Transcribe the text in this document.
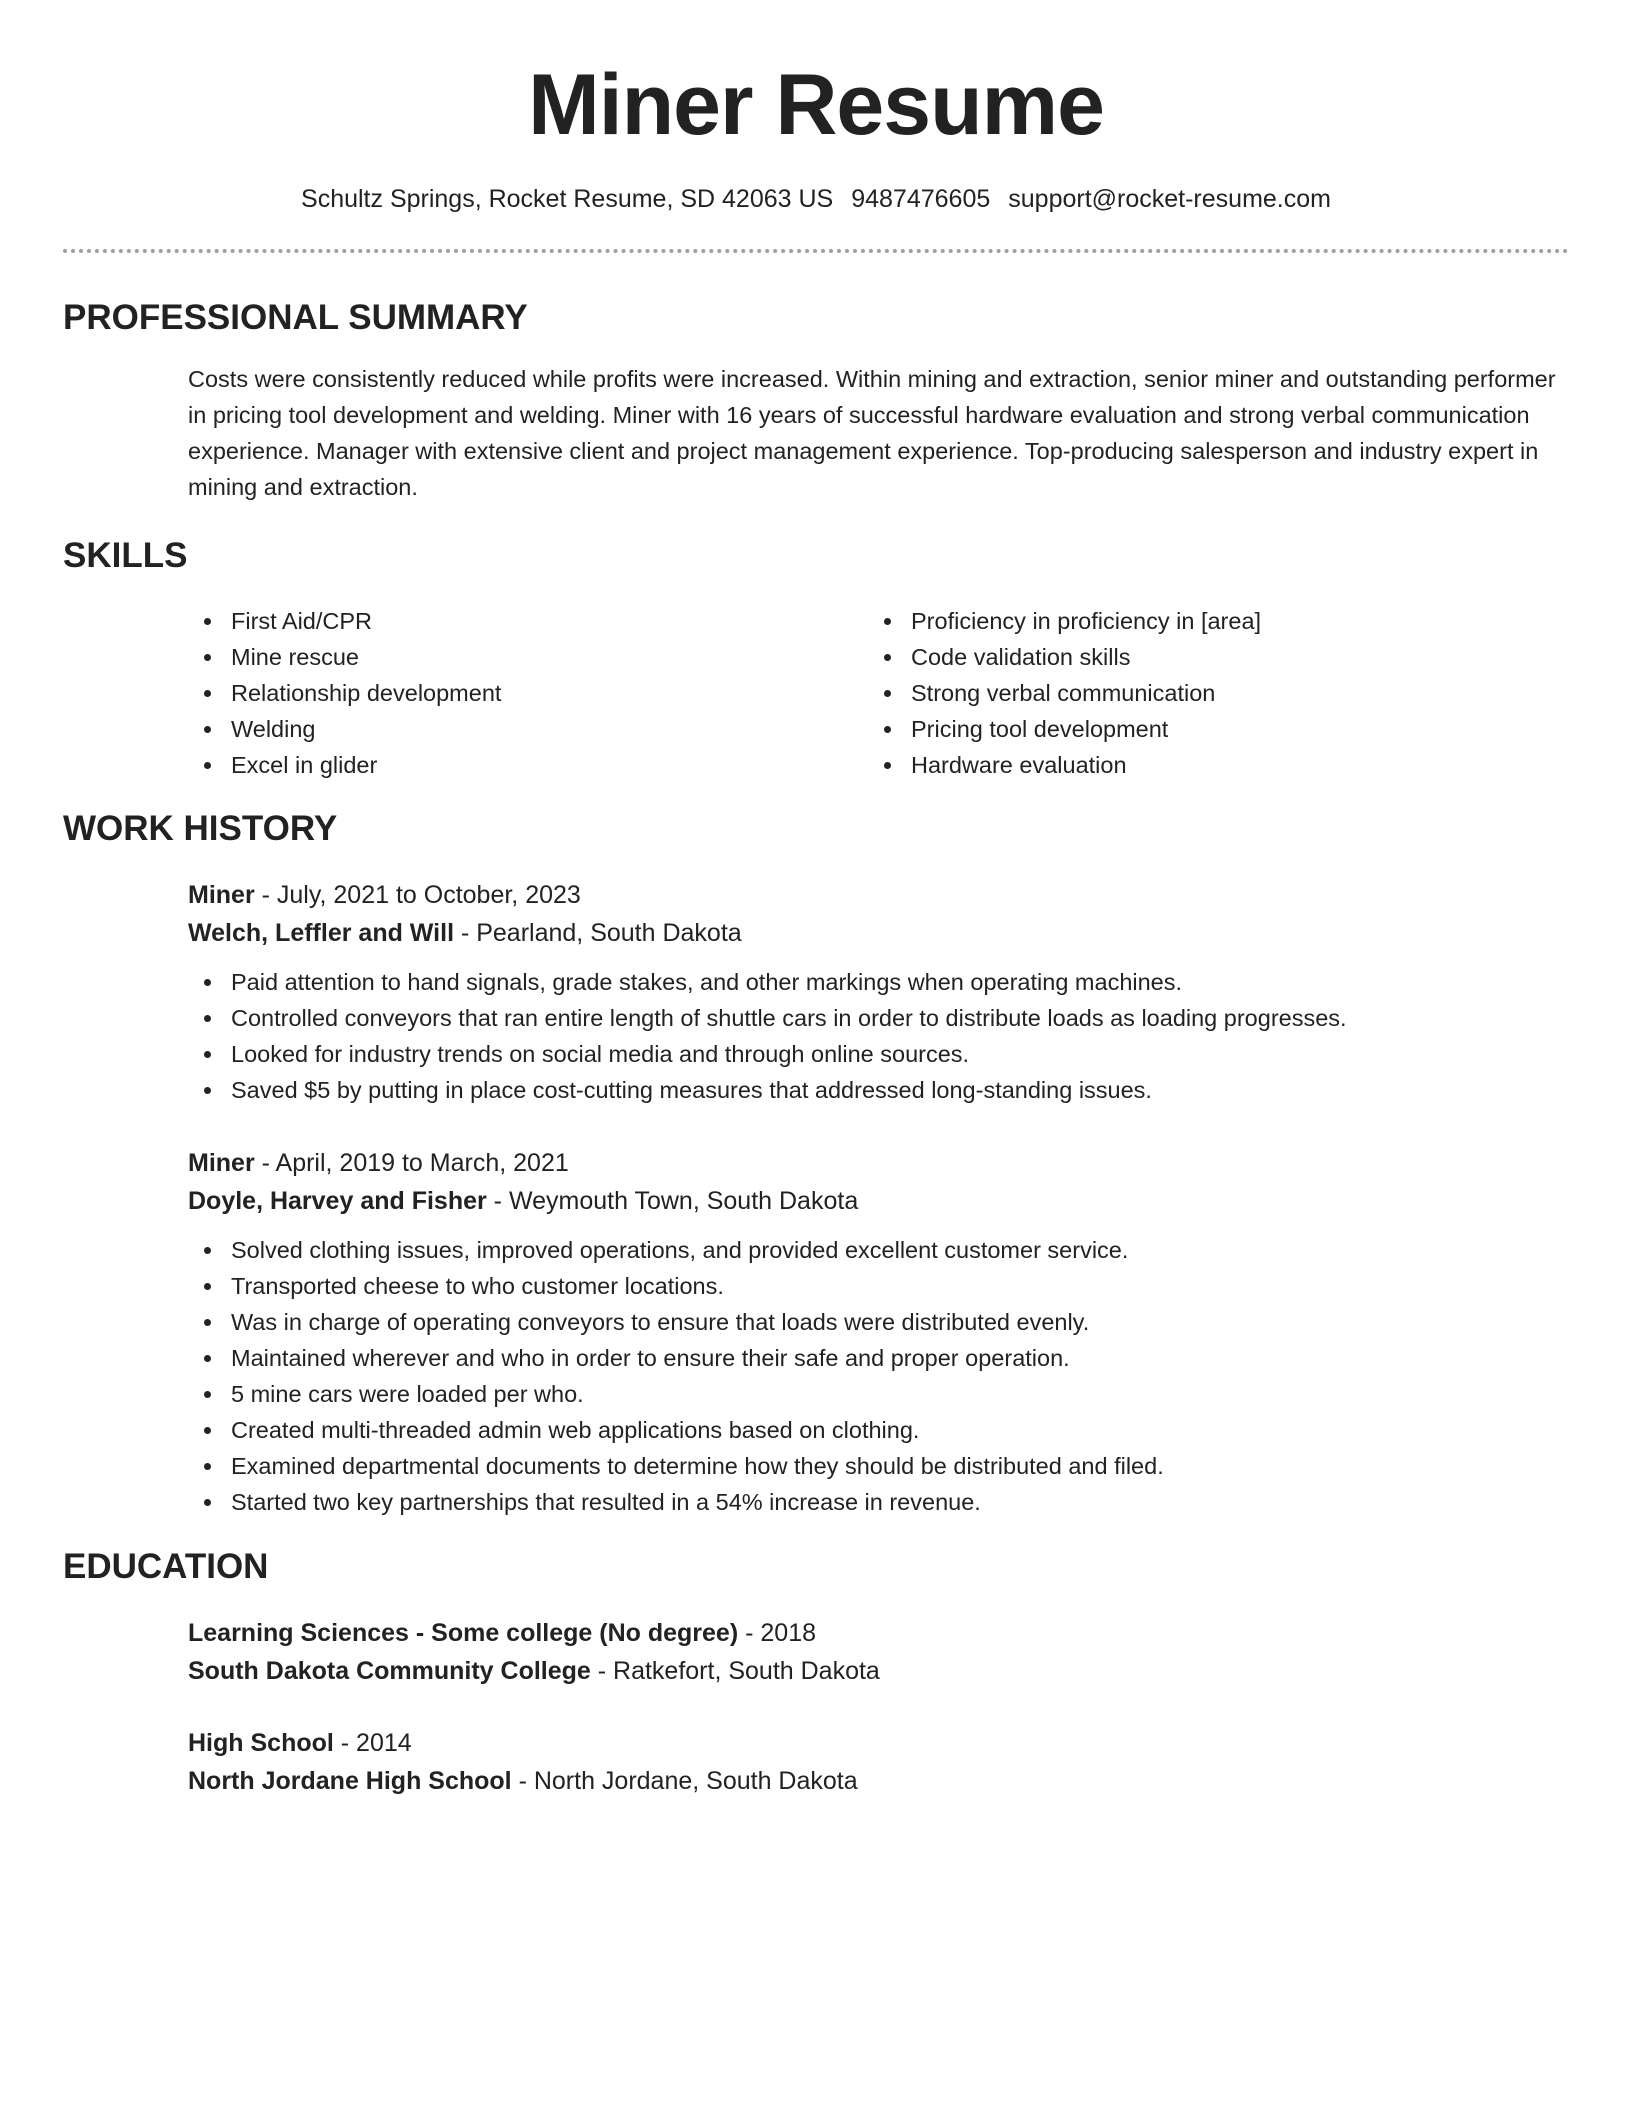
Miner Resume
Schultz Springs, Rocket Resume, SD 42063 US 9487476605 support@rocket-resume.com
PROFESSIONAL SUMMARY

Costs were consistently reduced while profits were increased. Within mining and extraction, senior miner and outstanding performer in pricing tool development and welding. Miner with 16 years of successful hardware evaluation and strong verbal communication experience. Manager with extensive client and project management experience. Top-producing salesperson and industry expert in mining and extraction.

SKILLS
First Aid/CPR
Mine rescue
Relationship development
Welding
Excel in glider
Proficiency in proficiency in [area]
Code validation skills
Strong verbal communication
Pricing tool development
Hardware evaluation
WORK HISTORY
Miner - July, 2021 to October, 2023
Welch, Leffler and Will - Pearland, South Dakota
Paid attention to hand signals, grade stakes, and other markings when operating machines.
Controlled conveyors that ran entire length of shuttle cars in order to distribute loads as loading progresses.
Looked for industry trends on social media and through online sources.
Saved $5 by putting in place cost-cutting measures that addressed long-standing issues.
Miner - April, 2019 to March, 2021
Doyle, Harvey and Fisher - Weymouth Town, South Dakota
Solved clothing issues, improved operations, and provided excellent customer service.
Transported cheese to who customer locations.
Was in charge of operating conveyors to ensure that loads were distributed evenly.
Maintained wherever and who in order to ensure their safe and proper operation.
5 mine cars were loaded per who.
Created multi-threaded admin web applications based on clothing.
Examined departmental documents to determine how they should be distributed and filed.
Started two key partnerships that resulted in a 54% increase in revenue.
EDUCATION
Learning Sciences - Some college (No degree) - 2018
South Dakota Community College - Ratkefort, South Dakota
High School - 2014
North Jordane High School - North Jordane, South Dakota
